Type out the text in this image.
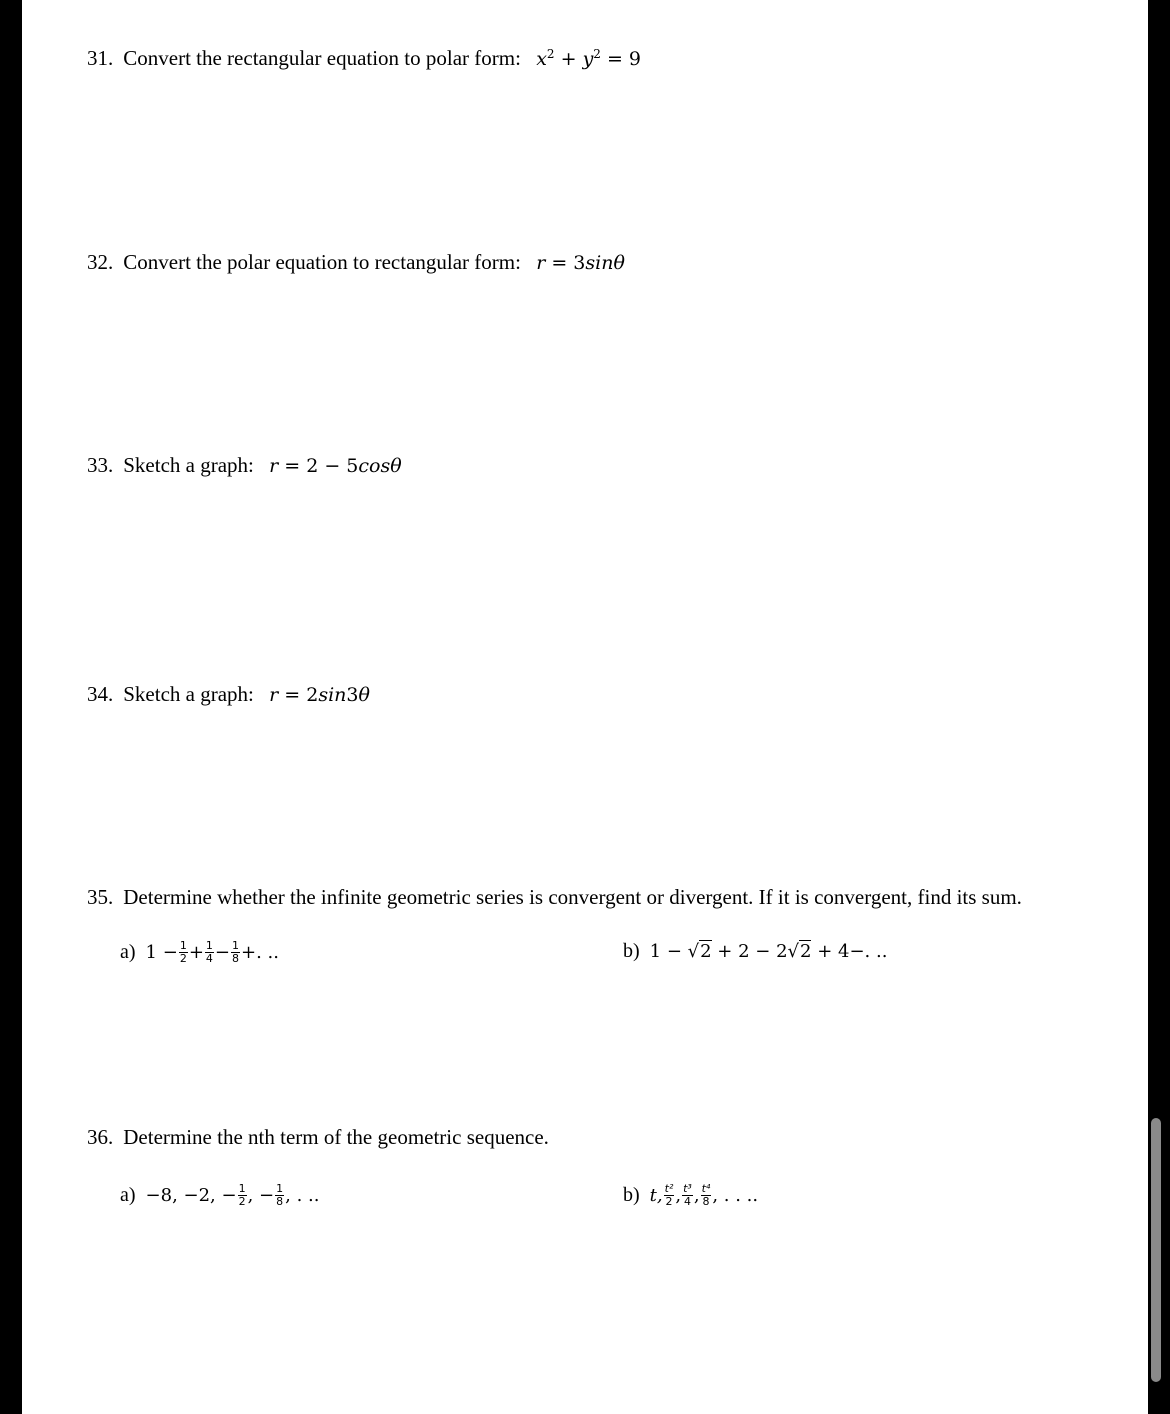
31. Convert the rectangular equation to polar form: $x^2 + y^2 = 9$
32. Convert the polar equation to rectangular form: r = 3sinθ
33. Sketch a graph: r = 2 − 5cosθ
34. Sketch a graph: r = 2sin3θ
35. Determine whether the infinite geometric series is convergent or divergent. If it is convergent, find its sum.
a) $1 - \frac{1}{2} + \frac{1}{4} - \frac{1}{8}$ +. ..	b) 1 − √2 + 2 − 2√2 + 4−. ..
36. Determine the nth term of the geometric sequence.
a) −8, −2, − $\frac{1}{2}$ , − $\frac{1}{8}$ , . ..	b) t, $\frac{\text{t²}}{2}$ , $\frac{\text{t³}}{4}$ , $\frac{\text{t⁴}}{8}$ , . . ..
